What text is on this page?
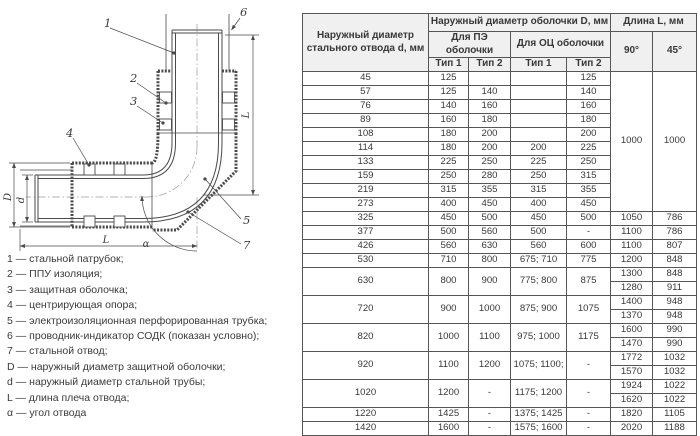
L
D d
L	α
1
6
2
3
4
5
7
1 — стальной патрубок;
2 — ППУ изоляция;
3 — защитная оболочка;
4 — центрирующая опора;
5 — электроизоляционная перфорированная трубка;
6 — проводник-индикатор СОДК (показан условно);
7 — стальной отвод;
D — наружный диаметр защитной оболочки;
d — наружный диаметр стальной трубы;
L — длина плеча отвода;
α — угол отвода
Наружный диаметр стального отвода d, мм	Наружный диаметр оболочки D, мм				Длина L, мм	
	Для ПЭ оболочки		Для ОЦ оболочки		90°	45°
	Тип 1	Тип 2	Тип 1	Тип 2		
45	125			125	1000	1000
57	125	140		140		
76	140	160		160		
89	160	180		180		
108	180	200		200		
114	180	200	200	225		
133	225	250	225	250		
159	250	280	250	315		
219	315	355	315	355		
273	400	450	400	450		
325	450	500	450	500	1050	786
377	500	560	500	-	1100	786
426	560	630	560	600	1100	807
530	710	800	675; 710	775	1200	848
630	800	900	775; 800	875	1300	848
					1280	911
720	900	1000	875; 900	1075	1400	948
					1370	948
820	1000	1100	975; 1000	1175	1600	990
					1470	990
920	1100	1200	1075; 1100;	-	1772	1032
					1570	1032
1020	1200	-	1175; 1200	-	1924	1022
					1620	1022
1220	1425	-	1375; 1425	-	1820	1105
1420	1600	-	1575; 1600	-	2020	1188
